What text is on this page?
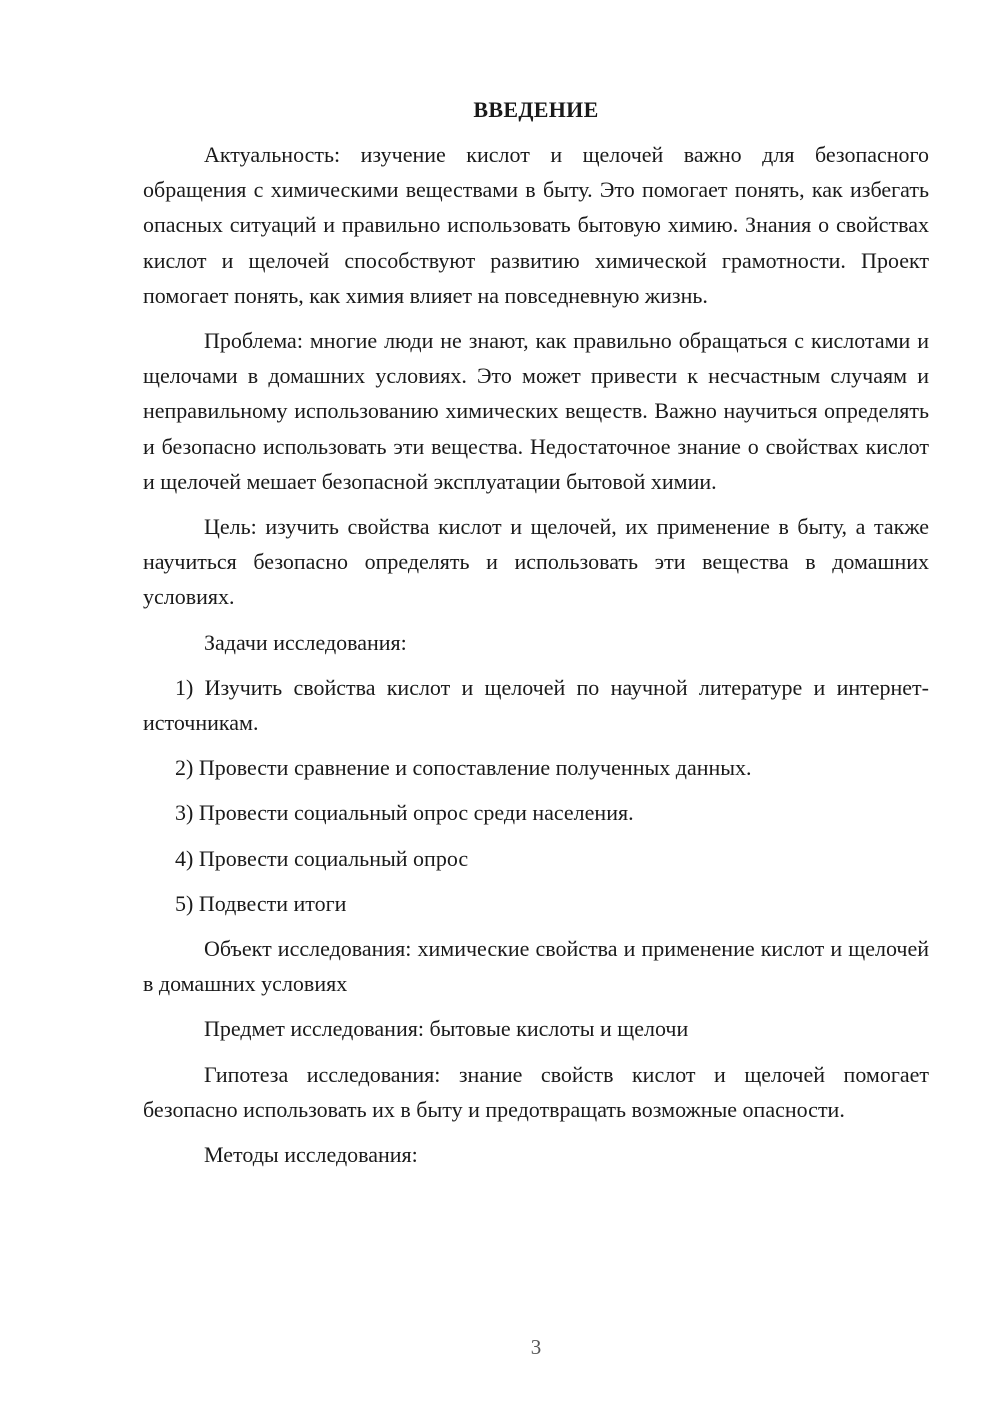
ВВЕДЕНИЕ

Актуальность: изучение кислот и щелочей важно для безопасного обращения с химическими веществами в быту. Это помогает понять, как избегать опасных ситуаций и правильно использовать бытовую химию. Знания о свойствах кислот и щелочей способствуют развитию химической грамотности. Проект помогает понять, как химия влияет на повседневную жизнь.

Проблема: многие люди не знают, как правильно обращаться с кислотами и щелочами в домашних условиях. Это может привести к несчастным случаям и неправильному использованию химических веществ. Важно научиться определять и безопасно использовать эти вещества. Недостаточное знание о свойствах кислот и щелочей мешает безопасной эксплуатации бытовой химии.

Цель: изучить свойства кислот и щелочей, их применение в быту, а также научиться безопасно определять и использовать эти вещества в домашних условиях.

Задачи исследования:

1) Изучить свойства кислот и щелочей по научной литературе и интернет-источникам.

2) Провести сравнение и сопоставление полученных данных.

3) Провести социальный опрос среди населения.

4) Провести социальный опрос

5) Подвести итоги

Объект исследования: химические свойства и применение кислот и щелочей в домашних условиях

Предмет исследования: бытовые кислоты и щелочи

Гипотеза исследования: знание свойств кислот и щелочей помогает безопасно использовать их в быту и предотвращать возможные опасности.

Методы исследования:

3
